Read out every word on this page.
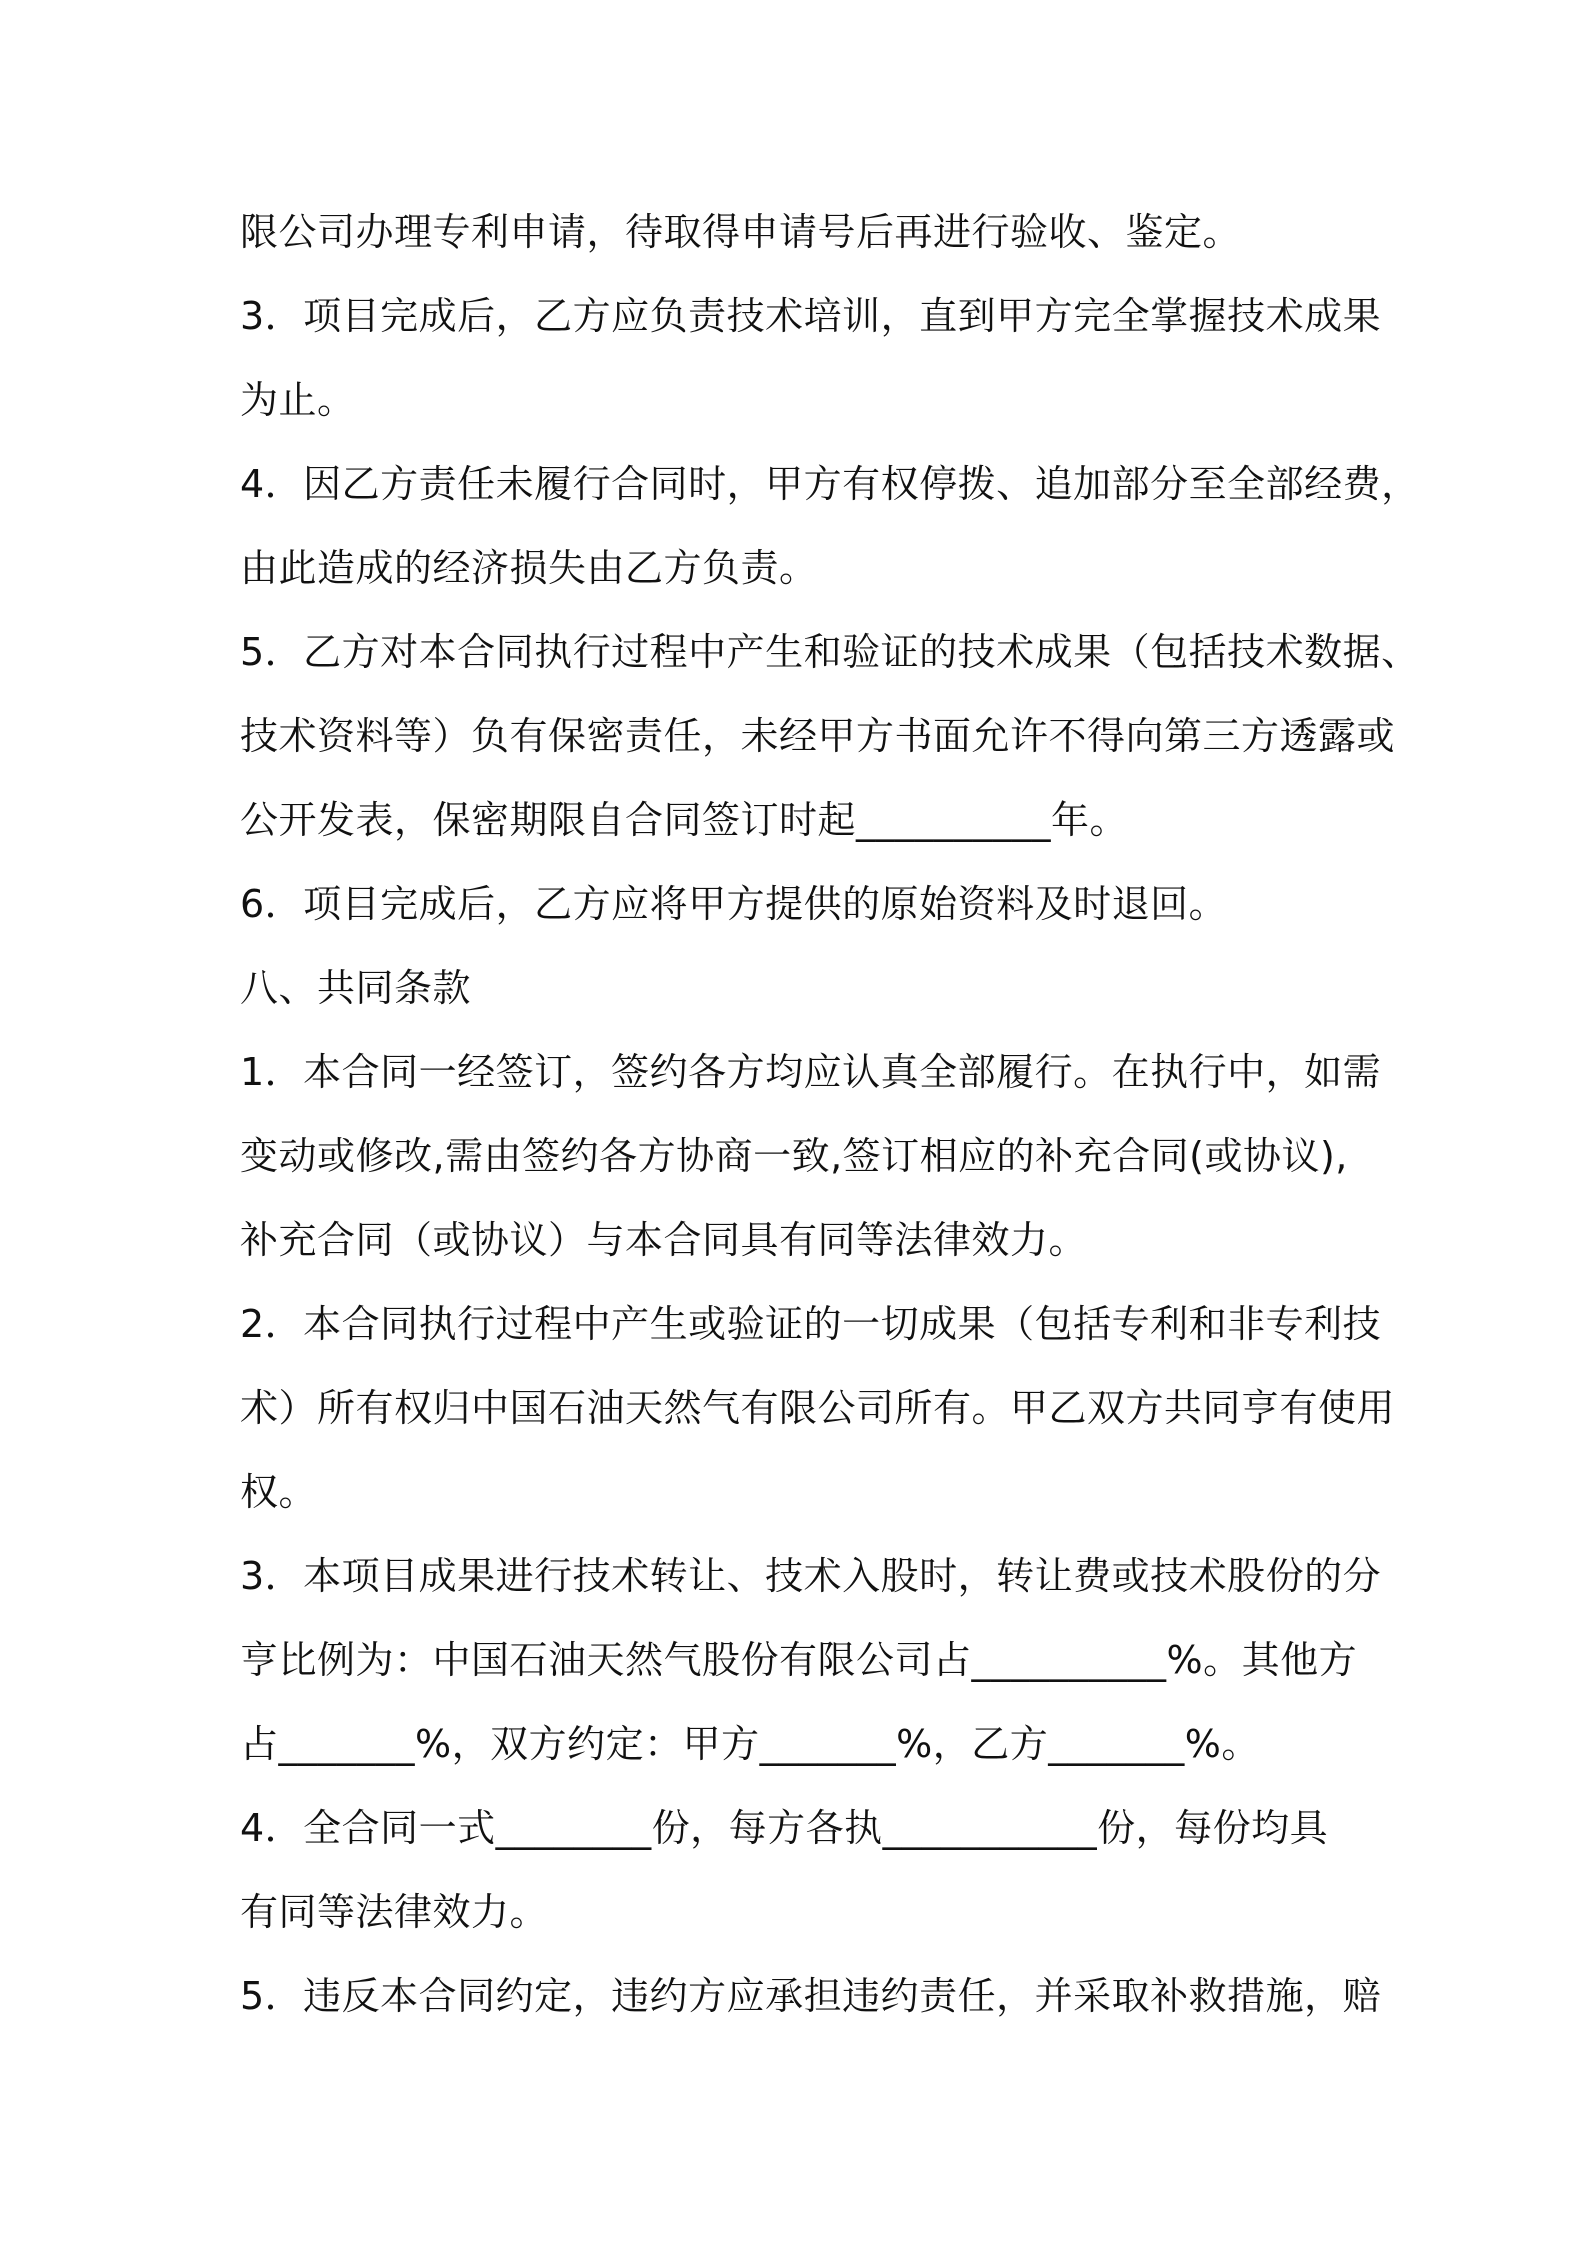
限公司办理专利申请，待取得申请号后再进行验收、鉴定。
3．项目完成后，乙方应负责技术培训，直到甲方完全掌握技术成果
为止。
4．因乙方责任未履行合同时，甲方有权停拨、追加部分至全部经费，
由此造成的经济损失由乙方负责。
5．乙方对本合同执行过程中产生和验证的技术成果（包括技术数据、
技术资料等）负有保密责任，未经甲方书面允许不得向第三方透露或
公开发表，保密期限自合同签订时起__________年。
6．项目完成后，乙方应将甲方提供的原始资料及时退回。
八、共同条款
1．本合同一经签订，签约各方均应认真全部履行。在执行中，如需
变动或修改,需由签约各方协商一致,签订相应的补充合同(或协议),
补充合同（或协议）与本合同具有同等法律效力。
2．本合同执行过程中产生或验证的一切成果（包括专利和非专利技
术）所有权归中国石油天然气有限公司所有。甲乙双方共同亨有使用
权。
3．本项目成果进行技术转让、技术入股时，转让费或技术股份的分
亨比例为：中国石油天然气股份有限公司占__________%。其他方
占_______%，双方约定：甲方_______%，乙方_______%。
4．全合同一式________份，每方各执___________份，每份均具
有同等法律效力。
5．违反本合同约定，违约方应承担违约责任，并采取补救措施，赔
